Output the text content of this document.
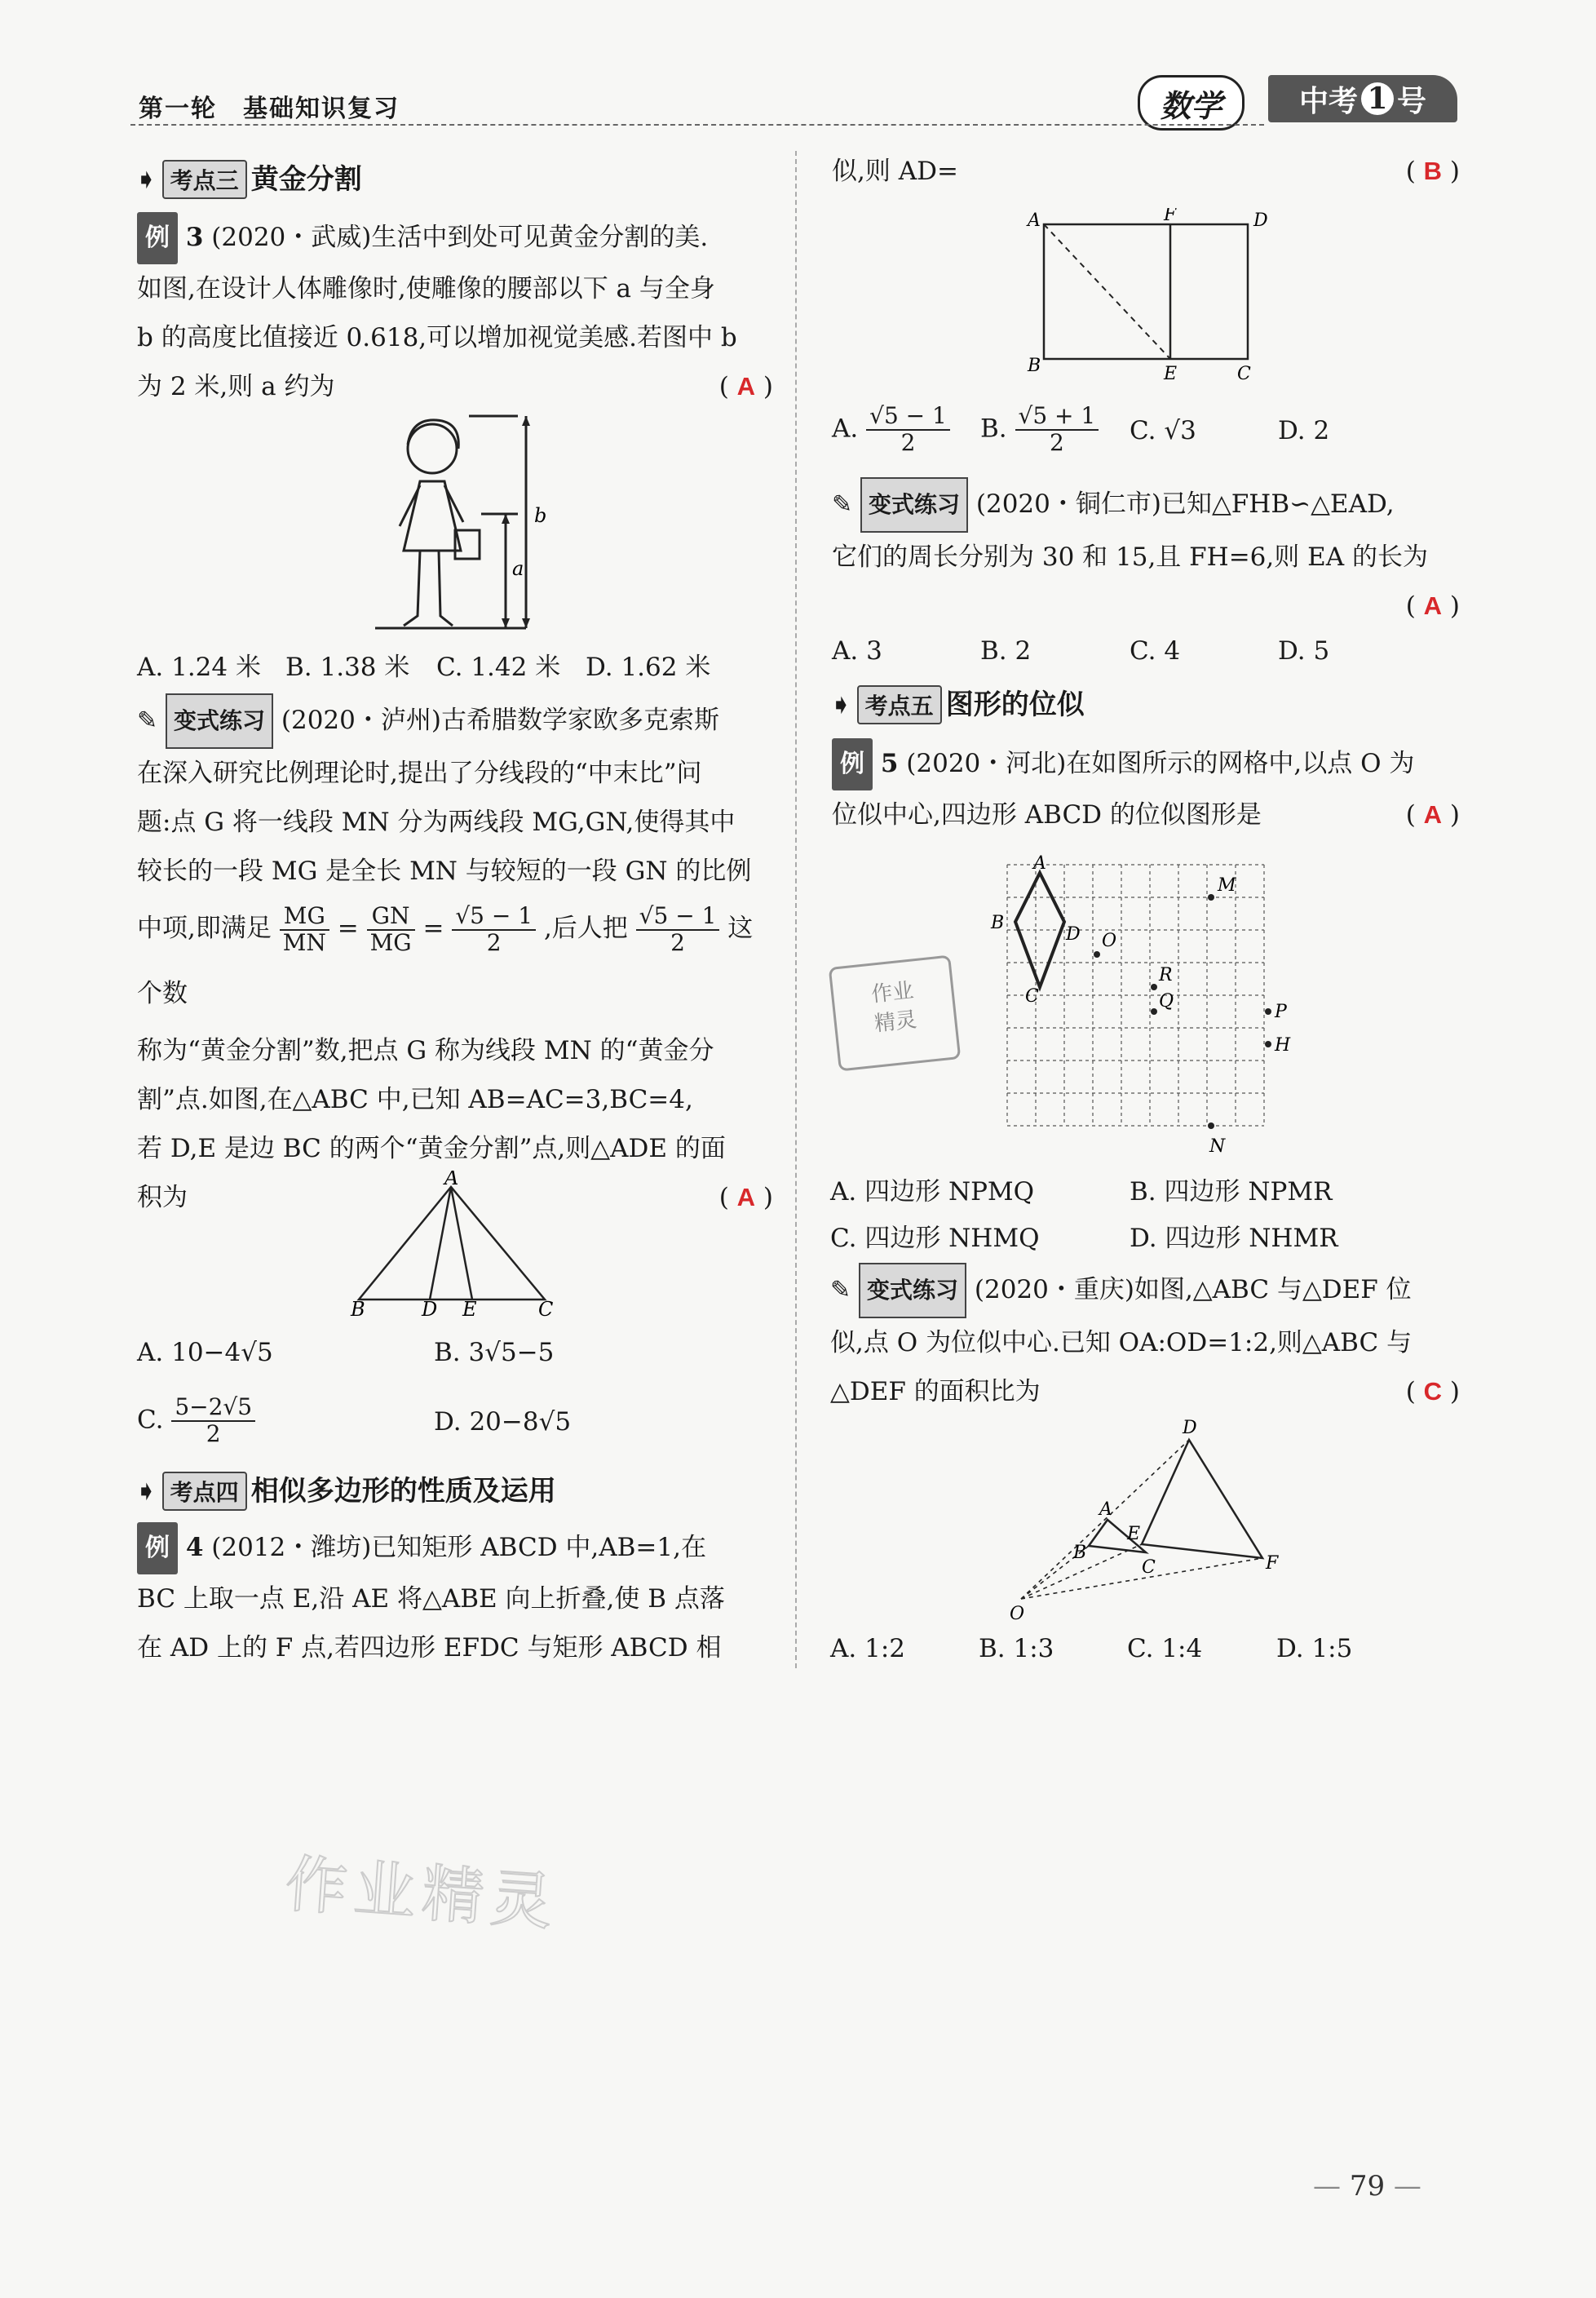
第一轮　基础知识复习	数学	中考 1 号
➧ 考点三 黄金分割
例 3 (2020・武威)生活中到处可见黄金分割的美.
如图,在设计人体雕像时,使雕像的腰部以下 a 与全身
b 的高度比值接近 0.618,可以增加视觉美感.若图中 b
为 2 米,则 a 约为	( A )
b
a
A. 1.24 米 B. 1.38 米 C. 1.42 米 D. 1.62 米
✎ 变式练习 (2020・泸州)古希腊数学家欧多克索斯
在深入研究比例理论时,提出了分线段的“中末比”问
题:点 G 将一线段 MN 分为两线段 MG,GN,使得其中
较长的一段 MG 是全长 MN 与较短的一段 GN 的比例
中项,即满足 $\frac{MG}{MN} = \frac{GN}{MG} = \frac{√5 - 1}{2}$ ,后人把 $\frac{√5 - 1}{2}$ 这个数
称为“黄金分割”数,把点 G 称为线段 MN 的“黄金分
割”点.如图,在△ABC 中,已知 AB=AC=3,BC=4,
若 D,E 是边 BC 的两个“黄金分割”点,则△ADE 的面
积为	( A )
A
B	D E	C
A. 10−4√5	B. 3√5−5
C. $\frac{5-2√5}{2}$	D. 20−8√5
➧ 考点四 相似多边形的性质及运用
例 4 (2012・潍坊)已知矩形 ABCD 中,AB=1,在
BC 上取一点 E,沿 AE 将△ABE 向上折叠,使 B 点落
在 AD 上的 F 点,若四边形 EFDC 与矩形 ABCD 相
似,则 AD=	( B )
A	F	D
B	E	C
A. $\frac{√5 - 1}{2} B$. $\frac{√5 + 1}{2} C$. √3	D. 2
✎ 变式练习 (2020・铜仁市)已知△FHB∽△EAD,
它们的周长分别为 30 和 15,且 FH=6,则 EA 的长为
( A )
A. 3	B. 2	C. 4	D. 5
➧ 考点五 图形的位似
例 5 (2020・河北)在如图所示的网格中,以点 O 为
位似中心,四边形 ABCD 的位似图形是	( A )
作业
精灵
A
B
D
C
O
M
R
Q
P
H
N
A. 四边形 NPMQ	B. 四边形 NPMR
C. 四边形 NHMQ	D. 四边形 NHMR
✎ 变式练习 (2020・重庆)如图,△ABC 与△DEF 位
似,点 O 为位似中心.已知 OA:OD=1:2,则△ABC 与
△DEF 的面积比为	( C )
D
A
E
B
C	F
O
A. 1:2	B. 1:3	C. 1:4	D. 1:5
作业精灵
— 79 —
